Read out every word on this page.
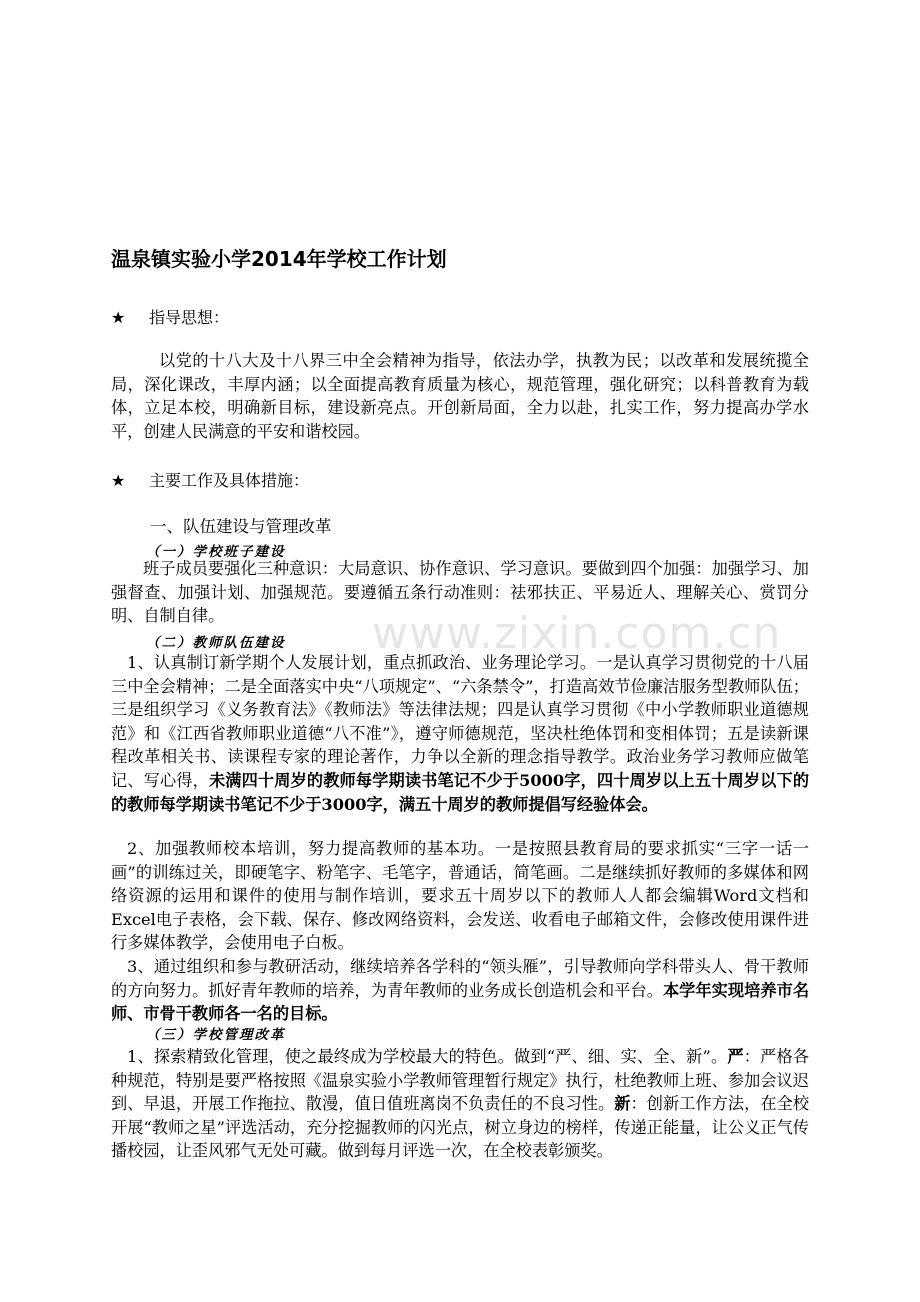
温泉镇实验小学2014年学校工作计划
★ 指导思想：

以党的十八大及十八界三中全会精神为指导，依法办学，执教为民；以改革和发展统揽全局，深化课改，丰厚内涵；以全面提高教育质量为核心，规范管理，强化研究；以科普教育为载体，立足本校，明确新目标，建设新亮点。开创新局面，全力以赴，扎实工作，努力提高办学水平，创建人民满意的平安和谐校园。

★ 主要工作及具体措施：
一、队伍建设与管理改革
（一）学校班子建设

班子成员要强化三种意识：大局意识、协作意识、学习意识。要做到四个加强：加强学习、加强督查、加强计划、加强规范。要遵循五条行动准则：祛邪扶正、平易近人、理解关心、赏罚分明、自制自律。

（二）教师队伍建设

1、认真制订新学期个人发展计划，重点抓政治、业务理论学习。一是认真学习贯彻党的十八届三中全会精神；二是全面落实中央“八项规定”、“六条禁令”，打造高效节俭廉洁服务型教师队伍；三是组织学习《义务教育法》《教师法》等法律法规；四是认真学习贯彻《中小学教师职业道德规范》和《江西省教师职业道德“八不准”》，遵守师德规范，坚决杜绝体罚和变相体罚；五是读新课程改革相关书、读课程专家的理论著作，力争以全新的理念指导教学。政治业务学习教师应做笔记、写心得，未满四十周岁的教师每学期读书笔记不少于5000字，四十周岁以上五十周岁以下的的教师每学期读书笔记不少于3000字，满五十周岁的教师提倡写经验体会。

2、加强教师校本培训，努力提高教师的基本功。一是按照县教育局的要求抓实“三字一话一画”的训练过关，即硬笔字、粉笔字、毛笔字，普通话，简笔画。二是继续抓好教师的多媒体和网络资源的运用和课件的使用与制作培训，要求五十周岁以下的教师人人都会编辑Word文档和Excel电子表格，会下载、保存、修改网络资料，会发送、收看电子邮箱文件，会修改使用课件进行多媒体教学，会使用电子白板。

3、通过组织和参与教研活动，继续培养各学科的“领头雁”，引导教师向学科带头人、骨干教师的方向努力。抓好青年教师的培养，为青年教师的业务成长创造机会和平台。本学年实现培养市名师、市骨干教师各一名的目标。

（三）学校管理改革

1、探索精致化管理，使之最终成为学校最大的特色。做到“严、细、实、全、新”。严：严格各种规范，特别是要严格按照《温泉实验小学教师管理暂行规定》执行，杜绝教师上班、参加会议迟到、早退，开展工作拖拉、散漫，值日值班离岗不负责任的不良习性。新：创新工作方法，在全校开展“教师之星”评选活动，充分挖掘教师的闪光点，树立身边的榜样，传递正能量，让公义正气传播校园，让歪风邪气无处可藏。做到每月评选一次，在全校表彰颁奖。

www.zixin.com.cn
